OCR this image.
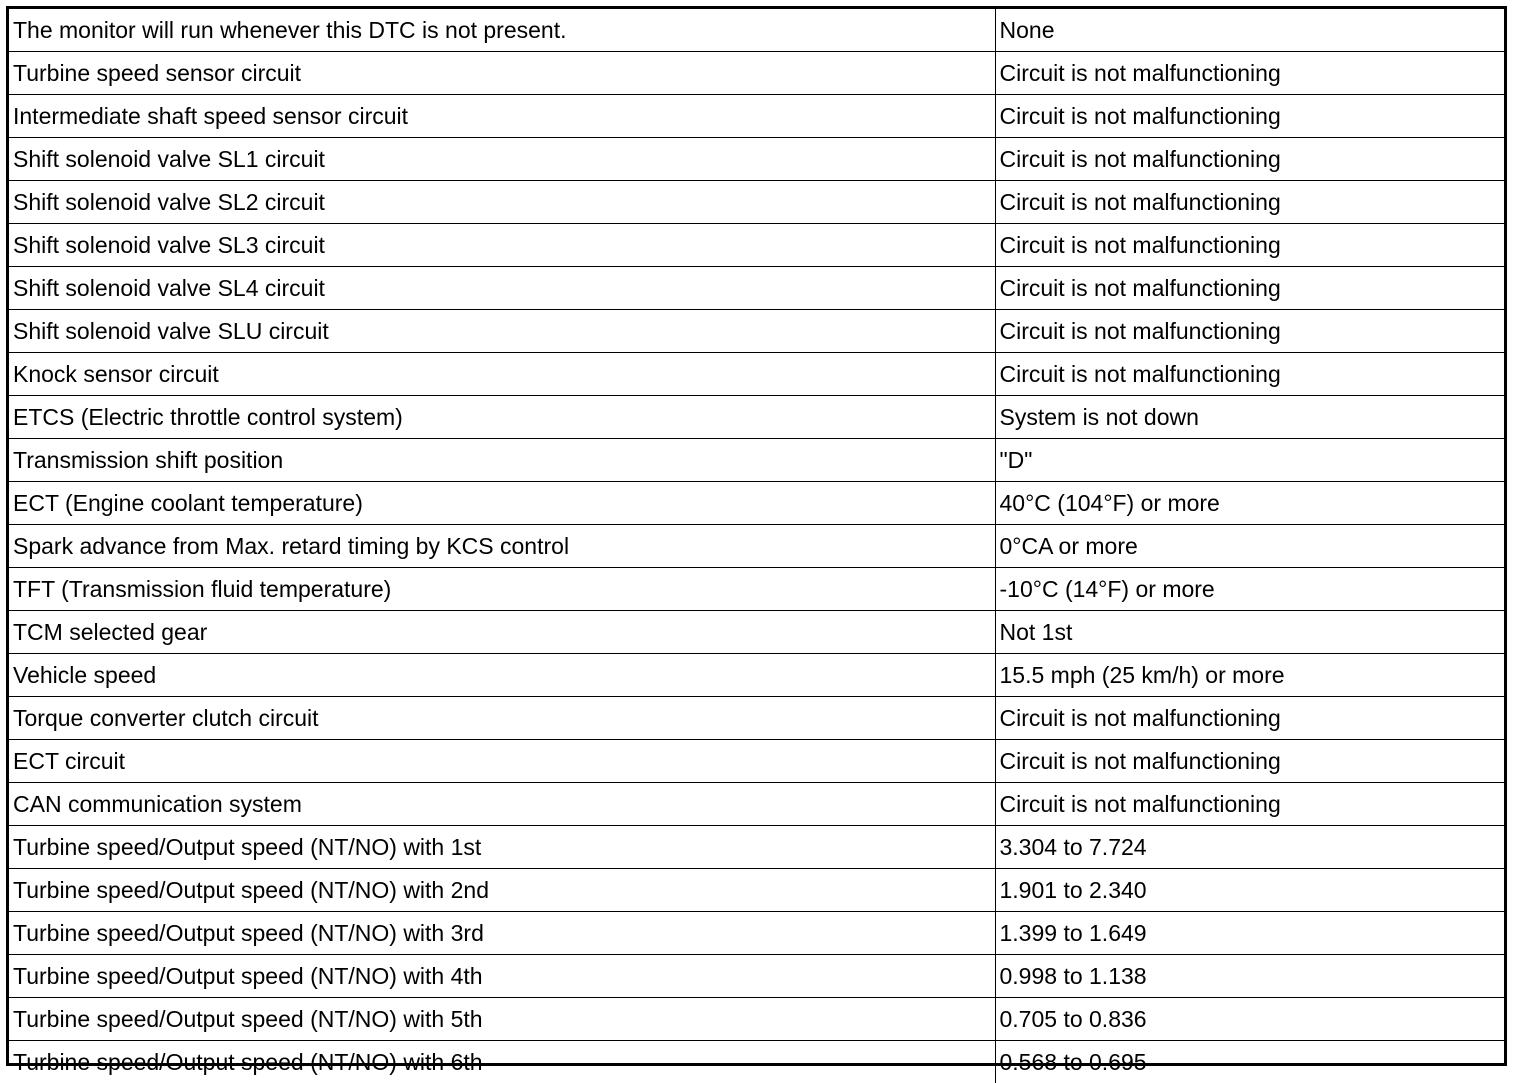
The monitor will run whenever this DTC is not present.	None
Turbine speed sensor circuit	Circuit is not malfunctioning
Intermediate shaft speed sensor circuit	Circuit is not malfunctioning
Shift solenoid valve SL1 circuit	Circuit is not malfunctioning
Shift solenoid valve SL2 circuit	Circuit is not malfunctioning
Shift solenoid valve SL3 circuit	Circuit is not malfunctioning
Shift solenoid valve SL4 circuit	Circuit is not malfunctioning
Shift solenoid valve SLU circuit	Circuit is not malfunctioning
Knock sensor circuit	Circuit is not malfunctioning
ETCS (Electric throttle control system)	System is not down
Transmission shift position	"D"
ECT (Engine coolant temperature)	40°C (104°F) or more
Spark advance from Max. retard timing by KCS control	0°CA or more
TFT (Transmission fluid temperature)	-10°C (14°F) or more
TCM selected gear	Not 1st
Vehicle speed	15.5 mph (25 km/h) or more
Torque converter clutch circuit	Circuit is not malfunctioning
ECT circuit	Circuit is not malfunctioning
CAN communication system	Circuit is not malfunctioning
Turbine speed/Output speed (NT/NO) with 1st	3.304 to 7.724
Turbine speed/Output speed (NT/NO) with 2nd	1.901 to 2.340
Turbine speed/Output speed (NT/NO) with 3rd	1.399 to 1.649
Turbine speed/Output speed (NT/NO) with 4th	0.998 to 1.138
Turbine speed/Output speed (NT/NO) with 5th	0.705 to 0.836
Turbine speed/Output speed (NT/NO) with 6th	0.568 to 0.695
